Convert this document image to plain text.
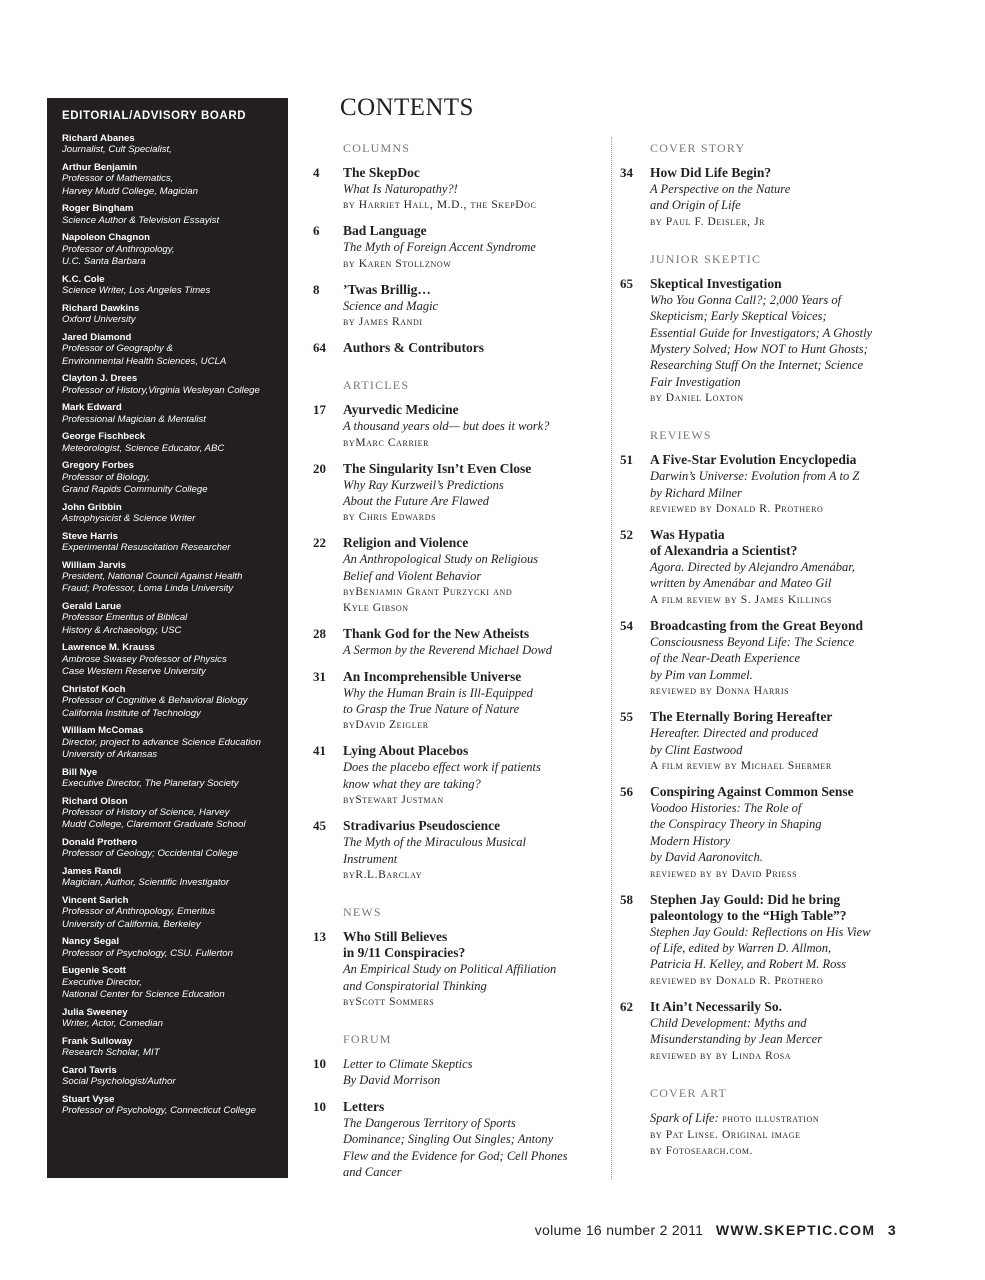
EDITORIAL/ADVISORY BOARD
Richard Abanes
Journalist, Cult Specialist,
Arthur Benjamin
Professor of Mathematics,
Harvey Mudd College, Magician
Roger Bingham
Science Author & Television Essayist
Napoleon Chagnon
Professor of Anthropology,
U.C. Santa Barbara
K.C. Cole
Science Writer, Los Angeles Times
Richard Dawkins
Oxford University
Jared Diamond
Professor of Geography &
Environmental Health Sciences, UCLA
Clayton J. Drees
Professor of History,Virginia Wesleyan College
Mark Edward
Professional Magician & Mentalist
George Fischbeck
Meteorologist, Science Educator, ABC
Gregory Forbes
Professor of Biology,
Grand Rapids Community College
John Gribbin
Astrophysicist & Science Writer
Steve Harris
Experimental Resuscitation Researcher
William Jarvis
President, National Council Against Health
Fraud; Professor, Loma Linda University
Gerald Larue
Professor Emeritus of Biblical
History & Archaeology, USC
Lawrence M. Krauss
Ambrose Swasey Professor of Physics
Case Western Reserve University
Christof Koch
Professor of Cognitive & Behavioral Biology
California Institute of Technology
William McComas
Director, project to advance Science Education
University of Arkansas
Bill Nye
Executive Director, The Planetary Society
Richard Olson
Professor of History of Science, Harvey
Mudd College, Claremont Graduate School
Donald Prothero
Professor of Geology; Occidental College
James Randi
Magician, Author, Scientific Investigator
Vincent Sarich
Professor of Anthropology, Emeritus
University of California, Berkeley
Nancy Segal
Professor of Psychology, CSU. Fullerton
Eugenie Scott
Executive Director,
National Center for Science Education
Julia Sweeney
Writer, Actor, Comedian
Frank Sulloway
Research Scholar, MIT
Carol Tavris
Social Psychologist/Author
Stuart Vyse
Professor of Psychology, Connecticut College
CONTENTS
COLUMNS
4 The SkepDoc
What Is Naturopathy?!
by Harriet Hall, M.D., the SkepDoc
6 Bad Language
The Myth of Foreign Accent Syndrome
by Karen Stollznow
8 ’Twas Brillig…
Science and Magic
by James Randi
64 Authors & Contributors
ARTICLES
17 Ayurvedic Medicine
A thousand years old— but does it work?
byMarc Carrier
20 The Singularity Isn’t Even Close
Why Ray Kurzweil’s Predictions
About the Future Are Flawed
by Chris Edwards
22 Religion and Violence
An Anthropological Study on Religious
Belief and Violent Behavior
byBenjamin Grant Purzycki and
Kyle Gibson
28 Thank God for the New Atheists
A Sermon by the Reverend Michael Dowd
31 An Incomprehensible Universe
Why the Human Brain is Ill-Equipped
to Grasp the True Nature of Nature
byDavid Zeigler
41 Lying About Placebos
Does the placebo effect work if patients
know what they are taking?
byStewart Justman
45 Stradivarius Pseudoscience
The Myth of the Miraculous Musical
Instrument
byR.L.Barclay
NEWS
13 Who Still Believes
in 9/11 Conspiracies?
An Empirical Study on Political Affiliation
and Conspiratorial Thinking
byScott Sommers
FORUM
10 Letter to Climate Skeptics
By David Morrison
10 Letters
The Dangerous Territory of Sports
Dominance; Singling Out Singles; Antony
Flew and the Evidence for God; Cell Phones
and Cancer
COVER STORY
34 How Did Life Begin?
A Perspective on the Nature
and Origin of Life
by Paul F. Deisler, Jr
JUNIOR SKEPTIC
65 Skeptical Investigation
Who You Gonna Call?; 2,000 Years of
Skepticism; Early Skeptical Voices;
Essential Guide for Investigators; A Ghostly
Mystery Solved; How NOT to Hunt Ghosts;
Researching Stuff On the Internet; Science
Fair Investigation
by Daniel Loxton
REVIEWS
51 A Five-Star Evolution Encyclopedia
Darwin’s Universe: Evolution from A to Z
by Richard Milner
reviewed by Donald R. Prothero
52 Was Hypatia
of Alexandria a Scientist?
Agora. Directed by Alejandro Amenábar,
written by Amenábar and Mateo Gil
A film review by S. James Killings
54 Broadcasting from the Great Beyond
Consciousness Beyond Life: The Science
of the Near-Death Experience
by Pim van Lommel.
reviewed by Donna Harris
55 The Eternally Boring Hereafter
Hereafter. Directed and produced
by Clint Eastwood
A film review by Michael Shermer
56 Conspiring Against Common Sense
Voodoo Histories: The Role of
the Conspiracy Theory in Shaping
Modern History
by David Aaronovitch.
reviewed by by David Priess
58 Stephen Jay Gould: Did he bring
paleontology to the “High Table”?
Stephen Jay Gould: Reflections on His View
of Life, edited by Warren D. Allmon,
Patricia H. Kelley, and Robert M. Ross
reviewed by Donald R. Prothero
62 It Ain’t Necessarily So.
Child Development: Myths and
Misunderstanding by Jean Mercer
reviewed by by Linda Rosa
COVER ART
Spark of Life: photo illustration
by Pat Linse. Original image
by Fotosearch.com.
volume 16 number 2 2011 WWW.SKEPTIC.COM 3
